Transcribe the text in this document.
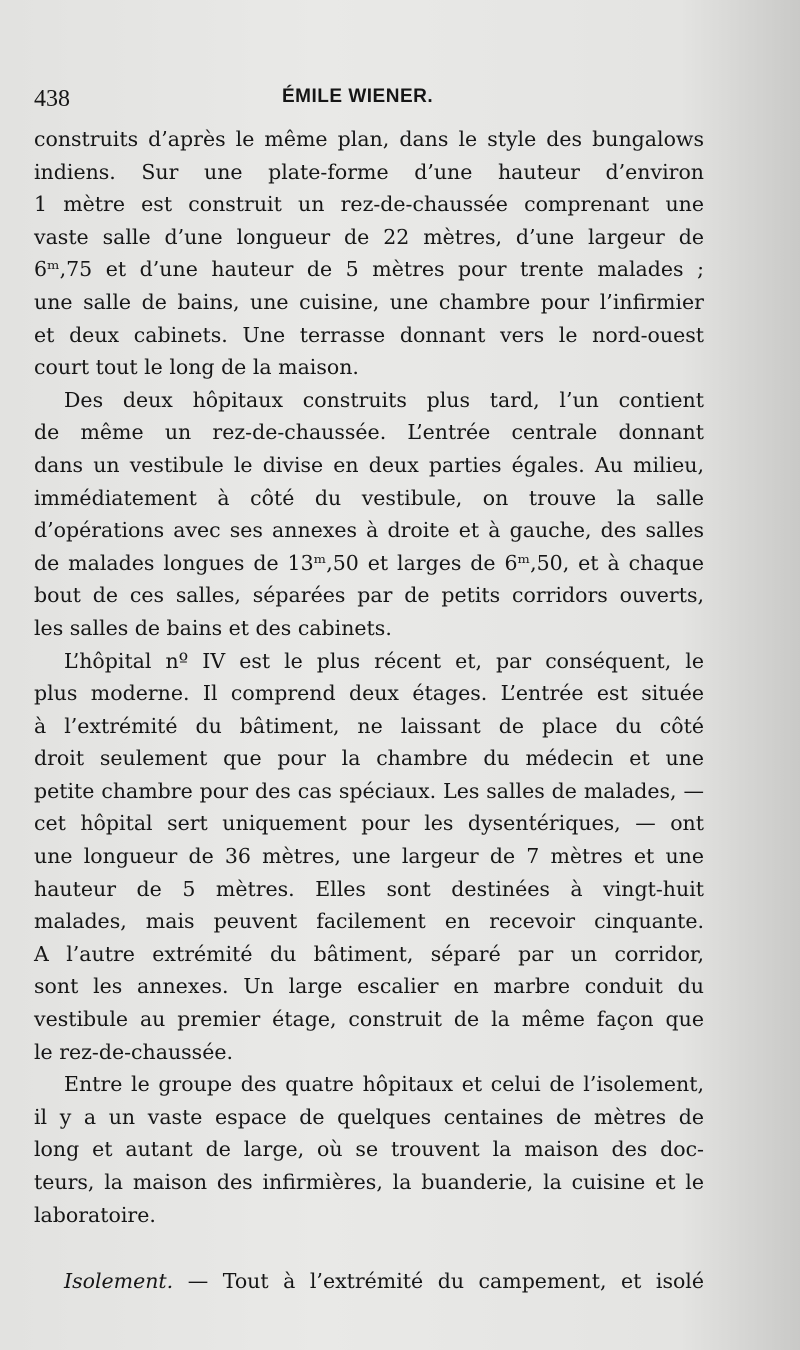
438	ÉMILE WIENER.

construits d’après le même plan, dans le style des bungalows
indiens. Sur une plate-forme d’une hauteur d’environ
1 mètre est construit un rez-de-chaussée comprenant une
vaste salle d’une longueur de 22 mètres, d’une largeur de
6ᵐ,75 et d’une hauteur de 5 mètres pour trente malades ;
une salle de bains, une cuisine, une chambre pour l’infirmier
et deux cabinets. Une terrasse donnant vers le nord-ouest
court tout le long de la maison.

Des deux hôpitaux construits plus tard, l’un contient
de même un rez-de-chaussée. L’entrée centrale donnant
dans un vestibule le divise en deux parties égales. Au milieu,
immédiatement à côté du vestibule, on trouve la salle
d’opérations avec ses annexes à droite et à gauche, des salles
de malades longues de 13ᵐ,50 et larges de 6ᵐ,50, et à chaque
bout de ces salles, séparées par de petits corridors ouverts,
les salles de bains et des cabinets.

L’hôpital nº IV est le plus récent et, par conséquent, le
plus moderne. Il comprend deux étages. L’entrée est située
à l’extrémité du bâtiment, ne laissant de place du côté
droit seulement que pour la chambre du médecin et une
petite chambre pour des cas spéciaux. Les salles de malades, —
cet hôpital sert uniquement pour les dysentériques, — ont
une longueur de 36 mètres, une largeur de 7 mètres et une
hauteur de 5 mètres. Elles sont destinées à vingt-huit
malades, mais peuvent facilement en recevoir cinquante.
A l’autre extrémité du bâtiment, séparé par un corridor,
sont les annexes. Un large escalier en marbre conduit du
vestibule au premier étage, construit de la même façon que
le rez-de-chaussée.

Entre le groupe des quatre hôpitaux et celui de l’isolement,
il y a un vaste espace de quelques centaines de mètres de
long et autant de large, où se trouvent la maison des doc-
teurs, la maison des infirmières, la buanderie, la cuisine et le
laboratoire.

Isolement. — Tout à l’extrémité du campement, et isolé
